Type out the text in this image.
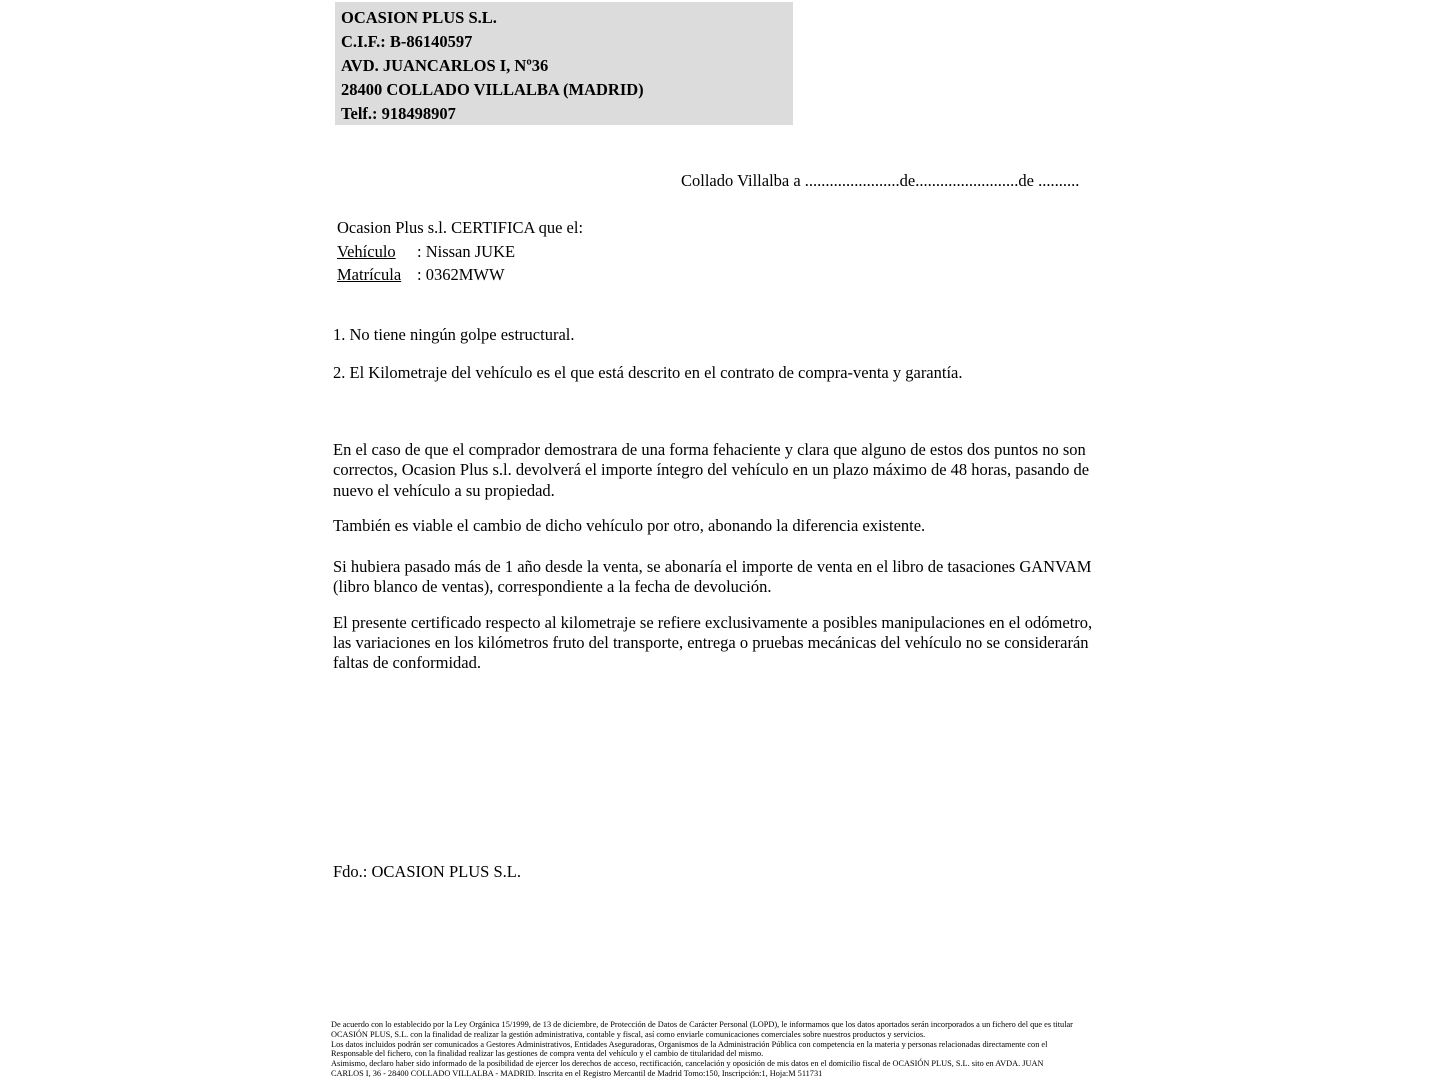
OCASION PLUS S.L.
C.I.F.: B-86140597
AVD. JUANCARLOS I, Nº36
28400 COLLADO VILLALBA (MADRID)
Telf.: 918498907
Collado Villalba a .......................de.........................de ..........
Ocasion Plus s.l. CERTIFICA que el:
Vehículo : Nissan JUKE
Matrícula : 0362MWW
1. No tiene ningún golpe estructural.
2. El Kilometraje del vehículo es el que está descrito en el contrato de compra-venta y garantía.

En el caso de que el comprador demostrara de una forma fehaciente y clara que alguno de estos dos puntos no son correctos, Ocasion Plus s.l. devolverá el importe íntegro del vehículo en un plazo máximo de 48 horas, pasando de nuevo el vehículo a su propiedad.

También es viable el cambio de dicho vehículo por otro, abonando la diferencia existente.

Si hubiera pasado más de 1 año desde la venta, se abonaría el importe de venta en el libro de tasaciones GANVAM (libro blanco de ventas), correspondiente a la fecha de devolución.

El presente certificado respecto al kilometraje se refiere exclusivamente a posibles manipulaciones en el odómetro, las variaciones en los kilómetros fruto del transporte, entrega o pruebas mecánicas del vehículo no se considerarán faltas de conformidad.

Fdo.: OCASION PLUS S.L.
De acuerdo con lo establecido por la Ley Orgánica 15/1999, de 13 de diciembre, de Protección de Datos de Carácter Personal (LOPD), le informamos que los datos aportados serán incorporados a un fichero del que es titular
OCASIÓN PLUS, S.L. con la finalidad de realizar la gestión administrativa, contable y fiscal, así como enviarle comunicaciones comerciales sobre nuestros productos y servicios.
Los datos incluidos podrán ser comunicados a Gestores Administrativos, Entidades Aseguradoras, Organismos de la Administración Pública con competencia en la materia y personas relacionadas directamente con el
Responsable del fichero, con la finalidad realizar las gestiones de compra venta del vehículo y el cambio de titularidad del mismo.
Asimismo, declaro haber sido informado de la posibilidad de ejercer los derechos de acceso, rectificación, cancelación y oposición de mis datos en el domicilio fiscal de OCASIÓN PLUS, S.L. sito en AVDA. JUAN
CARLOS I, 36 - 28400 COLLADO VILLALBA - MADRID. Inscrita en el Registro Mercantil de Madrid Tomo:150, Inscripción:1, Hoja:M 511731
